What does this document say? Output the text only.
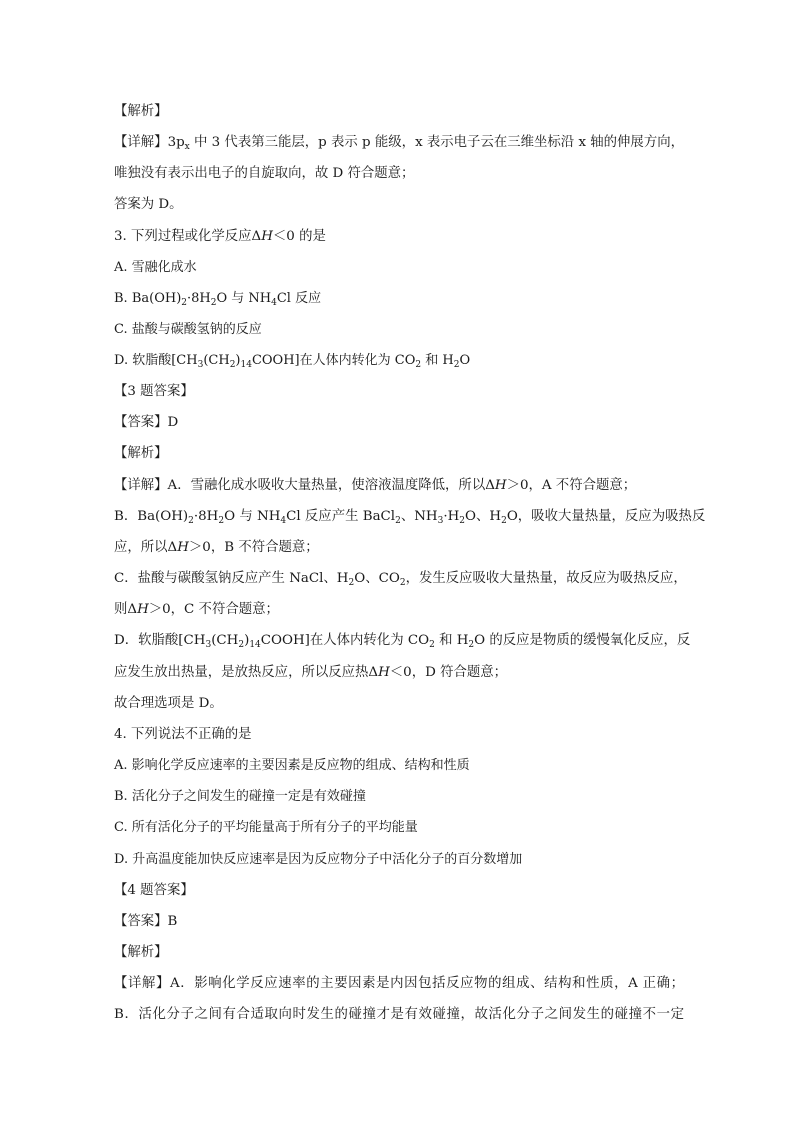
【解析】
【详解】$3p_x$ 中 3 代表第三能层，p 表示 p 能级，x 表示电子云在三维坐标沿 x 轴的伸展方向，
唯独没有表示出电子的自旋取向，故 D 符合题意；
答案为 D。
3. 下列过程或化学反应ΔH＜0 的是
A. 雪融化成水
B. $Ba(OH)_2\cdot 8H_2O$ 与 $NH_4Cl$ 反应
C. 盐酸与碳酸氢钠的反应
D. 软脂酸$[CH_3(CH_2)_{14}COOH]$在人体内转化为 $CO_2$ 和 $H_2O$
【3 题答案】
【答案】D
【解析】
【详解】A．雪融化成水吸收大量热量，使溶液温度降低，所以ΔH＞0，A 不符合题意；
B．$Ba(OH)_2\cdot 8H_2O$ 与 $NH_4Cl$ 反应产生 BaCl$_2$、$NH_3\cdot H_2O$、$H_2O$，吸收大量热量，反应为吸热反
应，所以ΔH＞0，B 不符合题意；
C．盐酸与碳酸氢钠反应产生 NaCl、$H_2O$、$CO_2$，发生反应吸收大量热量，故反应为吸热反应，
则ΔH＞0，C 不符合题意；
D．软脂酸$[CH_3(CH_2)_{14}COOH]$在人体内转化为 $CO_2$ 和 $H_2O$ 的反应是物质的缓慢氧化反应，反
应发生放出热量，是放热反应，所以反应热ΔH＜0，D 符合题意；
故合理选项是 D。
4. 下列说法不正确的是
A. 影响化学反应速率的主要因素是反应物的组成、结构和性质
B. 活化分子之间发生的碰撞一定是有效碰撞
C. 所有活化分子的平均能量高于所有分子的平均能量
D. 升高温度能加快反应速率是因为反应物分子中活化分子的百分数增加
【4 题答案】
【答案】B
【解析】
【详解】A．影响化学反应速率的主要因素是内因包括反应物的组成、结构和性质，A 正确；
B．活化分子之间有合适取向时发生的碰撞才是有效碰撞，故活化分子之间发生的碰撞不一定
